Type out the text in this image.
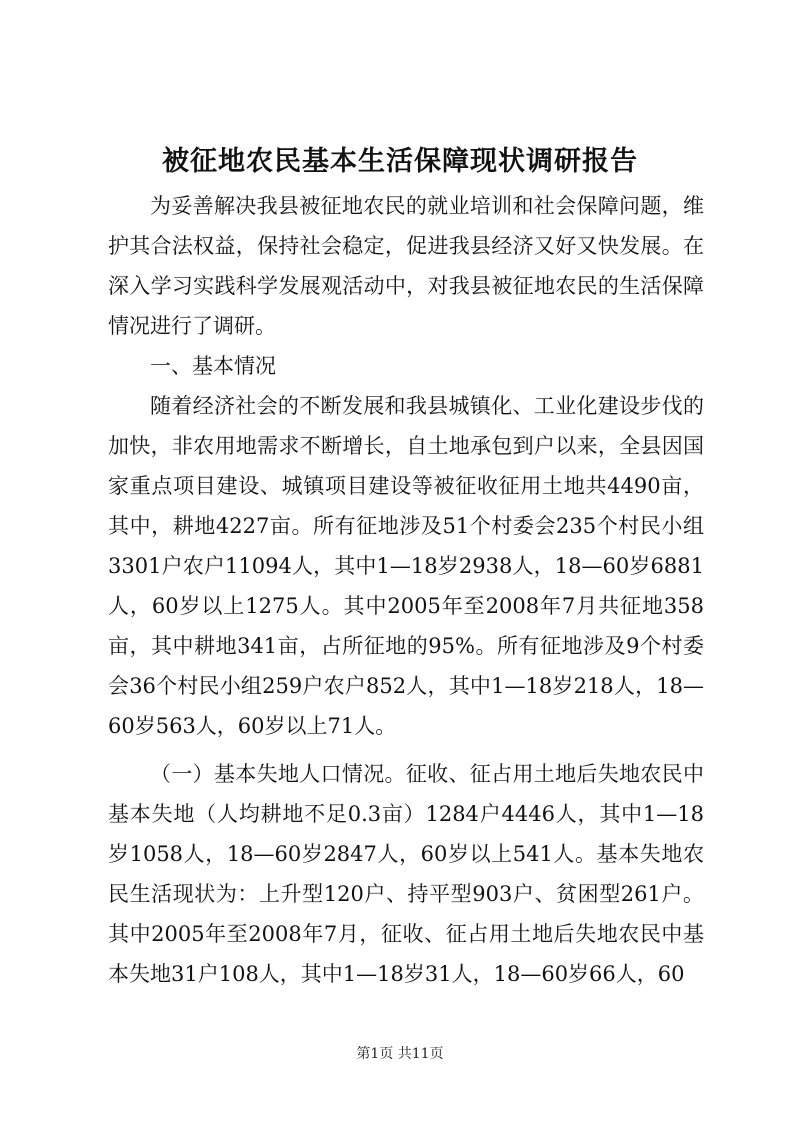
被征地农民基本生活保障现状调研报告

为妥善解决我县被征地农民的就业培训和社会保障问题，维护其合法权益，保持社会稳定，促进我县经济又好又快发展。在深入学习实践科学发展观活动中，对我县被征地农民的生活保障情况进行了调研。

一、基本情况

随着经济社会的不断发展和我县城镇化、工业化建设步伐的加快，非农用地需求不断增长，自土地承包到户以来，全县因国家重点项目建设、城镇项目建设等被征收征用土地共4490亩，其中，耕地4227亩。所有征地涉及51个村委会235个村民小组3301户农户11094人，其中1—18岁2938人，18—60岁6881人，60岁以上1275人。其中2005年至2008年7月共征地358亩，其中耕地341亩，占所征地的95%。所有征地涉及9个村委会36个村民小组259户农户852人，其中1—18岁218人，18—60岁563人，60岁以上71人。

（一）基本失地人口情况。征收、征占用土地后失地农民中基本失地（人均耕地不足0.3亩）1284户4446人，其中1—18岁1058人，18—60岁2847人，60岁以上541人。基本失地农民生活现状为：上升型120户、持平型903户、贫困型261户。其中2005年至2008年7月，征收、征占用土地后失地农民中基本失地31户108人，其中1—18岁31人，18—60岁66人，60

第1页 共11页
